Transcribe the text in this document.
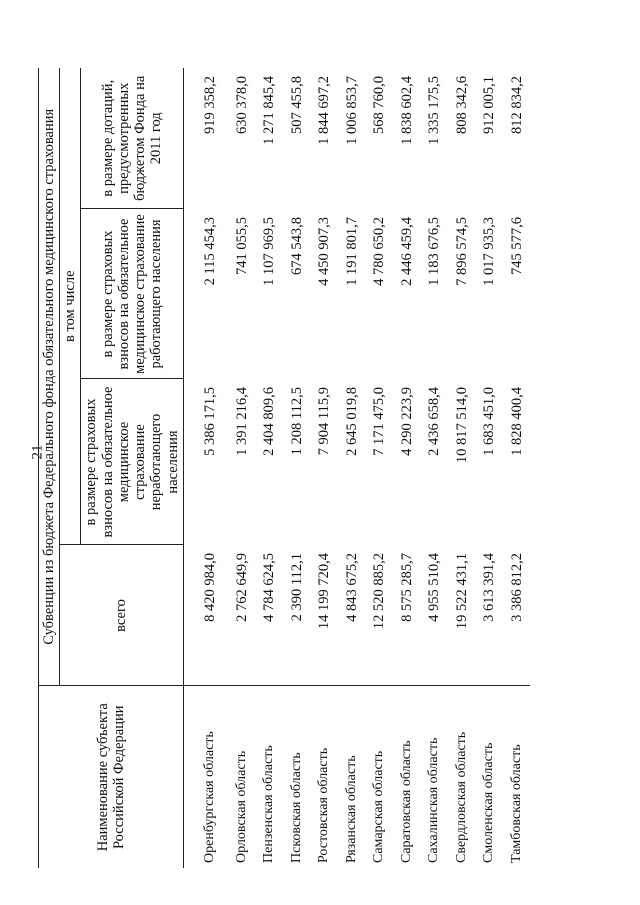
21
Наименование субъекта Российской Федерации	Субвенции из бюджета Федерального фонда обязательного медицинского страхования			
	всего	в том числе		
		в размере страховых взносов на обязательное медицинское страхование неработающего населения	в размере страховых взносов на обязательное медицинское страхование работающего населения	в размере дотаций, предусмотренных бюджетом Фонда на 2011 год
Оренбургская область	8 420 984,0	5 386 171,5	2 115 454,3	919 358,2
Орловская область	2 762 649,9	1 391 216,4	741 055,5	630 378,0
Пензенская область	4 784 624,5	2 404 809,6	1 107 969,5	1 271 845,4
Псковская область	2 390 112,1	1 208 112,5	674 543,8	507 455,8
Ростовская область	14 199 720,4	7 904 115,9	4 450 907,3	1 844 697,2
Рязанская область	4 843 675,2	2 645 019,8	1 191 801,7	1 006 853,7
Самарская область	12 520 885,2	7 171 475,0	4 780 650,2	568 760,0
Саратовская область	8 575 285,7	4 290 223,9	2 446 459,4	1 838 602,4
Сахалинская область	4 955 510,4	2 436 658,4	1 183 676,5	1 335 175,5
Свердловская область	19 522 431,1	10 817 514,0	7 896 574,5	808 342,6
Смоленская область	3 613 391,4	1 683 451,0	1 017 935,3	912 005,1
Тамбовская область	3 386 812,2	1 828 400,4	745 577,6	812 834,2
